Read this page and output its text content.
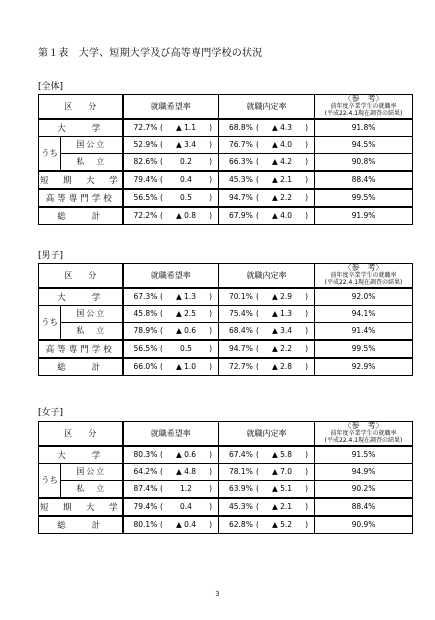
第１表　大学、短期大学及び高等専門学校の状況
[全体]
区　　分		就職希望率	就職内定率	〈参　考〉
前年度卒業学生の就職率
(平成22.4.1現在調査の結果)

大　　学		72.7% ( ▲ 1.1 )	68.8% ( ▲ 4.3 )	91.8%
うち	国公立	52.9% ( ▲ 3.4 )	76.7% ( ▲ 4.0 )	94.5%
	私　立	82.6% ( 0.2 )	66.3% ( ▲ 4.2 )	90.8%
短　期　大　学		79.4% ( 0.4 )	45.3% ( ▲ 2.1 )	88.4%
高等専門学校		56.5% ( 0.5 )	94.7% ( ▲ 2.2 )	99.5%
総　　計		72.2% ( ▲ 0.8 )	67.9% ( ▲ 4.0 )	91.9%
[男子]
区　　分		就職希望率	就職内定率	〈参　考〉
前年度卒業学生の就職率
(平成22.4.1現在調査の結果)

大　　学		67.3% ( ▲ 1.3 )	70.1% ( ▲ 2.9 )	92.0%
うち	国公立	45.8% ( ▲ 2.5 )	75.4% ( ▲ 1.3 )	94.1%
	私　立	78.9% ( ▲ 0.6 )	68.4% ( ▲ 3.4 )	91.4%
高等専門学校		56.5% ( 0.5 )	94.7% ( ▲ 2.2 )	99.5%
総　　計		66.0% ( ▲ 1.0 )	72.7% ( ▲ 2.8 )	92.9%
[女子]
区　　分		就職希望率	就職内定率	〈参　考〉
前年度卒業学生の就職率
(平成22.4.1現在調査の結果)

大　　学		80.3% ( ▲ 0.6 )	67.4% ( ▲ 5.8 )	91.5%
うち	国公立	64.2% ( ▲ 4.8 )	78.1% ( ▲ 7.0 )	94.9%
	私　立	87.4% ( 1.2 )	63.9% ( ▲ 5.1 )	90.2%
短　期　大　学		79.4% ( 0.4 )	45.3% ( ▲ 2.1 )	88.4%
総　　計		80.1% ( ▲ 0.4 )	62.8% ( ▲ 5.2 )	90.9%
3
